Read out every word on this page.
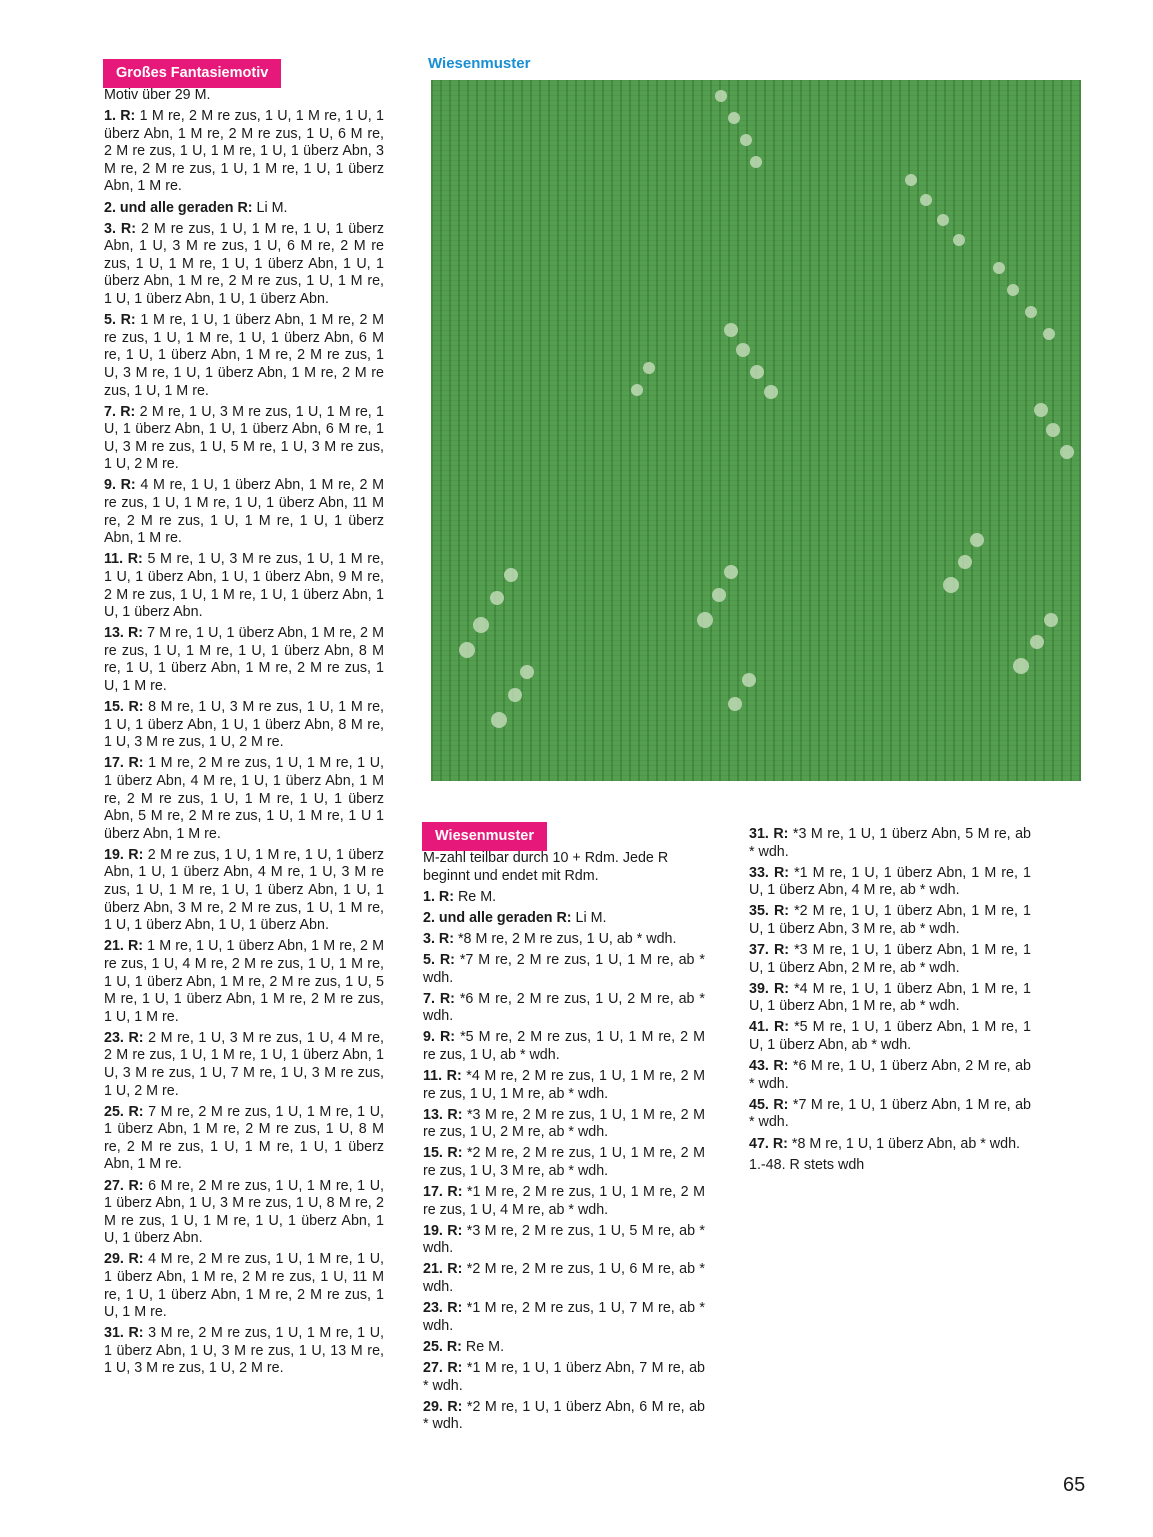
Großes Fantasiemotiv

Motiv über 29 M.

1. R: 1 M re, 2 M re zus, 1 U, 1 M re, 1 U, 1 überz Abn, 1 M re, 2 M re zus, 1 U, 6 M re, 2 M re zus, 1 U, 1 M re, 1 U, 1 überz Abn, 3 M re, 2 M re zus, 1 U, 1 M re, 1 U, 1 überz Abn, 1 M re.

2. und alle geraden R: Li M.

3. R: 2 M re zus, 1 U, 1 M re, 1 U, 1 überz Abn, 1 U, 3 M re zus, 1 U, 6 M re, 2 M re zus, 1 U, 1 M re, 1 U, 1 überz Abn, 1 U, 1 überz Abn, 1 M re, 2 M re zus, 1 U, 1 M re, 1 U, 1 überz Abn, 1 U, 1 überz Abn.

5. R: 1 M re, 1 U, 1 überz Abn, 1 M re, 2 M re zus, 1 U, 1 M re, 1 U, 1 überz Abn, 6 M re, 1 U, 1 überz Abn, 1 M re, 2 M re zus, 1 U, 3 M re, 1 U, 1 überz Abn, 1 M re, 2 M re zus, 1 U, 1 M re.

7. R: 2 M re, 1 U, 3 M re zus, 1 U, 1 M re, 1 U, 1 überz Abn, 1 U, 1 überz Abn, 6 M re, 1 U, 3 M re zus, 1 U, 5 M re, 1 U, 3 M re zus, 1 U, 2 M re.

9. R: 4 M re, 1 U, 1 überz Abn, 1 M re, 2 M re zus, 1 U, 1 M re, 1 U, 1 überz Abn, 11 M re, 2 M re zus, 1 U, 1 M re, 1 U, 1 überz Abn, 1 M re.

11. R: 5 M re, 1 U, 3 M re zus, 1 U, 1 M re, 1 U, 1 überz Abn, 1 U, 1 überz Abn, 9 M re, 2 M re zus, 1 U, 1 M re, 1 U, 1 überz Abn, 1 U, 1 überz Abn.

13. R: 7 M re, 1 U, 1 überz Abn, 1 M re, 2 M re zus, 1 U, 1 M re, 1 U, 1 überz Abn, 8 M re, 1 U, 1 überz Abn, 1 M re, 2 M re zus, 1 U, 1 M re.

15. R: 8 M re, 1 U, 3 M re zus, 1 U, 1 M re, 1 U, 1 überz Abn, 1 U, 1 überz Abn, 8 M re, 1 U, 3 M re zus, 1 U, 2 M re.

17. R: 1 M re, 2 M re zus, 1 U, 1 M re, 1 U, 1 überz Abn, 4 M re, 1 U, 1 überz Abn, 1 M re, 2 M re zus, 1 U, 1 M re, 1 U, 1 überz Abn, 5 M re, 2 M re zus, 1 U, 1 M re, 1 U 1 überz Abn, 1 M re.

19. R: 2 M re zus, 1 U, 1 M re, 1 U, 1 überz Abn, 1 U, 1 überz Abn, 4 M re, 1 U, 3 M re zus, 1 U, 1 M re, 1 U, 1 überz Abn, 1 U, 1 überz Abn, 3 M re, 2 M re zus, 1 U, 1 M re, 1 U, 1 überz Abn, 1 U, 1 überz Abn.

21. R: 1 M re, 1 U, 1 überz Abn, 1 M re, 2 M re zus, 1 U, 4 M re, 2 M re zus, 1 U, 1 M re, 1 U, 1 überz Abn, 1 M re, 2 M re zus, 1 U, 5 M re, 1 U, 1 überz Abn, 1 M re, 2 M re zus, 1 U, 1 M re.

23. R: 2 M re, 1 U, 3 M re zus, 1 U, 4 M re, 2 M re zus, 1 U, 1 M re, 1 U, 1 überz Abn, 1 U, 3 M re zus, 1 U, 7 M re, 1 U, 3 M re zus, 1 U, 2 M re.

25. R: 7 M re, 2 M re zus, 1 U, 1 M re, 1 U, 1 überz Abn, 1 M re, 2 M re zus, 1 U, 8 M re, 2 M re zus, 1 U, 1 M re, 1 U, 1 überz Abn, 1 M re.

27. R: 6 M re, 2 M re zus, 1 U, 1 M re, 1 U, 1 überz Abn, 1 U, 3 M re zus, 1 U, 8 M re, 2 M re zus, 1 U, 1 M re, 1 U, 1 überz Abn, 1 U, 1 überz Abn.

29. R: 4 M re, 2 M re zus, 1 U, 1 M re, 1 U, 1 überz Abn, 1 M re, 2 M re zus, 1 U, 11 M re, 1 U, 1 überz Abn, 1 M re, 2 M re zus, 1 U, 1 M re.

31. R: 3 M re, 2 M re zus, 1 U, 1 M re, 1 U, 1 überz Abn, 1 U, 3 M re zus, 1 U, 13 M re, 1 U, 3 M re zus, 1 U, 2 M re.

Wiesenmuster
Wiesenmuster

M-zahl teilbar durch 10 + Rdm. Jede R beginnt und endet mit Rdm.

1. R: Re M.

2. und alle geraden R: Li M.

3. R: *8 M re, 2 M re zus, 1 U, ab * wdh.

5. R: *7 M re, 2 M re zus, 1 U, 1 M re, ab * wdh.

7. R: *6 M re, 2 M re zus, 1 U, 2 M re, ab * wdh.

9. R: *5 M re, 2 M re zus, 1 U, 1 M re, 2 M re zus, 1 U, ab * wdh.

11. R: *4 M re, 2 M re zus, 1 U, 1 M re, 2 M re zus, 1 U, 1 M re, ab * wdh.

13. R: *3 M re, 2 M re zus, 1 U, 1 M re, 2 M re zus, 1 U, 2 M re, ab * wdh.

15. R: *2 M re, 2 M re zus, 1 U, 1 M re, 2 M re zus, 1 U, 3 M re, ab * wdh.

17. R: *1 M re, 2 M re zus, 1 U, 1 M re, 2 M re zus, 1 U, 4 M re, ab * wdh.

19. R: *3 M re, 2 M re zus, 1 U, 5 M re, ab * wdh.

21. R: *2 M re, 2 M re zus, 1 U, 6 M re, ab * wdh.

23. R: *1 M re, 2 M re zus, 1 U, 7 M re, ab * wdh.

25. R: Re M.

27. R: *1 M re, 1 U, 1 überz Abn, 7 M re, ab * wdh.

29. R: *2 M re, 1 U, 1 überz Abn, 6 M re, ab * wdh.

31. R: *3 M re, 1 U, 1 überz Abn, 5 M re, ab * wdh.

33. R: *1 M re, 1 U, 1 überz Abn, 1 M re, 1 U, 1 überz Abn, 4 M re, ab * wdh.

35. R: *2 M re, 1 U, 1 überz Abn, 1 M re, 1 U, 1 überz Abn, 3 M re, ab * wdh.

37. R: *3 M re, 1 U, 1 überz Abn, 1 M re, 1 U, 1 überz Abn, 2 M re, ab * wdh.

39. R: *4 M re, 1 U, 1 überz Abn, 1 M re, 1 U, 1 überz Abn, 1 M re, ab * wdh.

41. R: *5 M re, 1 U, 1 überz Abn, 1 M re, 1 U, 1 überz Abn, ab * wdh.

43. R: *6 M re, 1 U, 1 überz Abn, 2 M re, ab * wdh.

45. R: *7 M re, 1 U, 1 überz Abn, 1 M re, ab * wdh.

47. R: *8 M re, 1 U, 1 überz Abn, ab * wdh.

1.-48. R stets wdh

65
